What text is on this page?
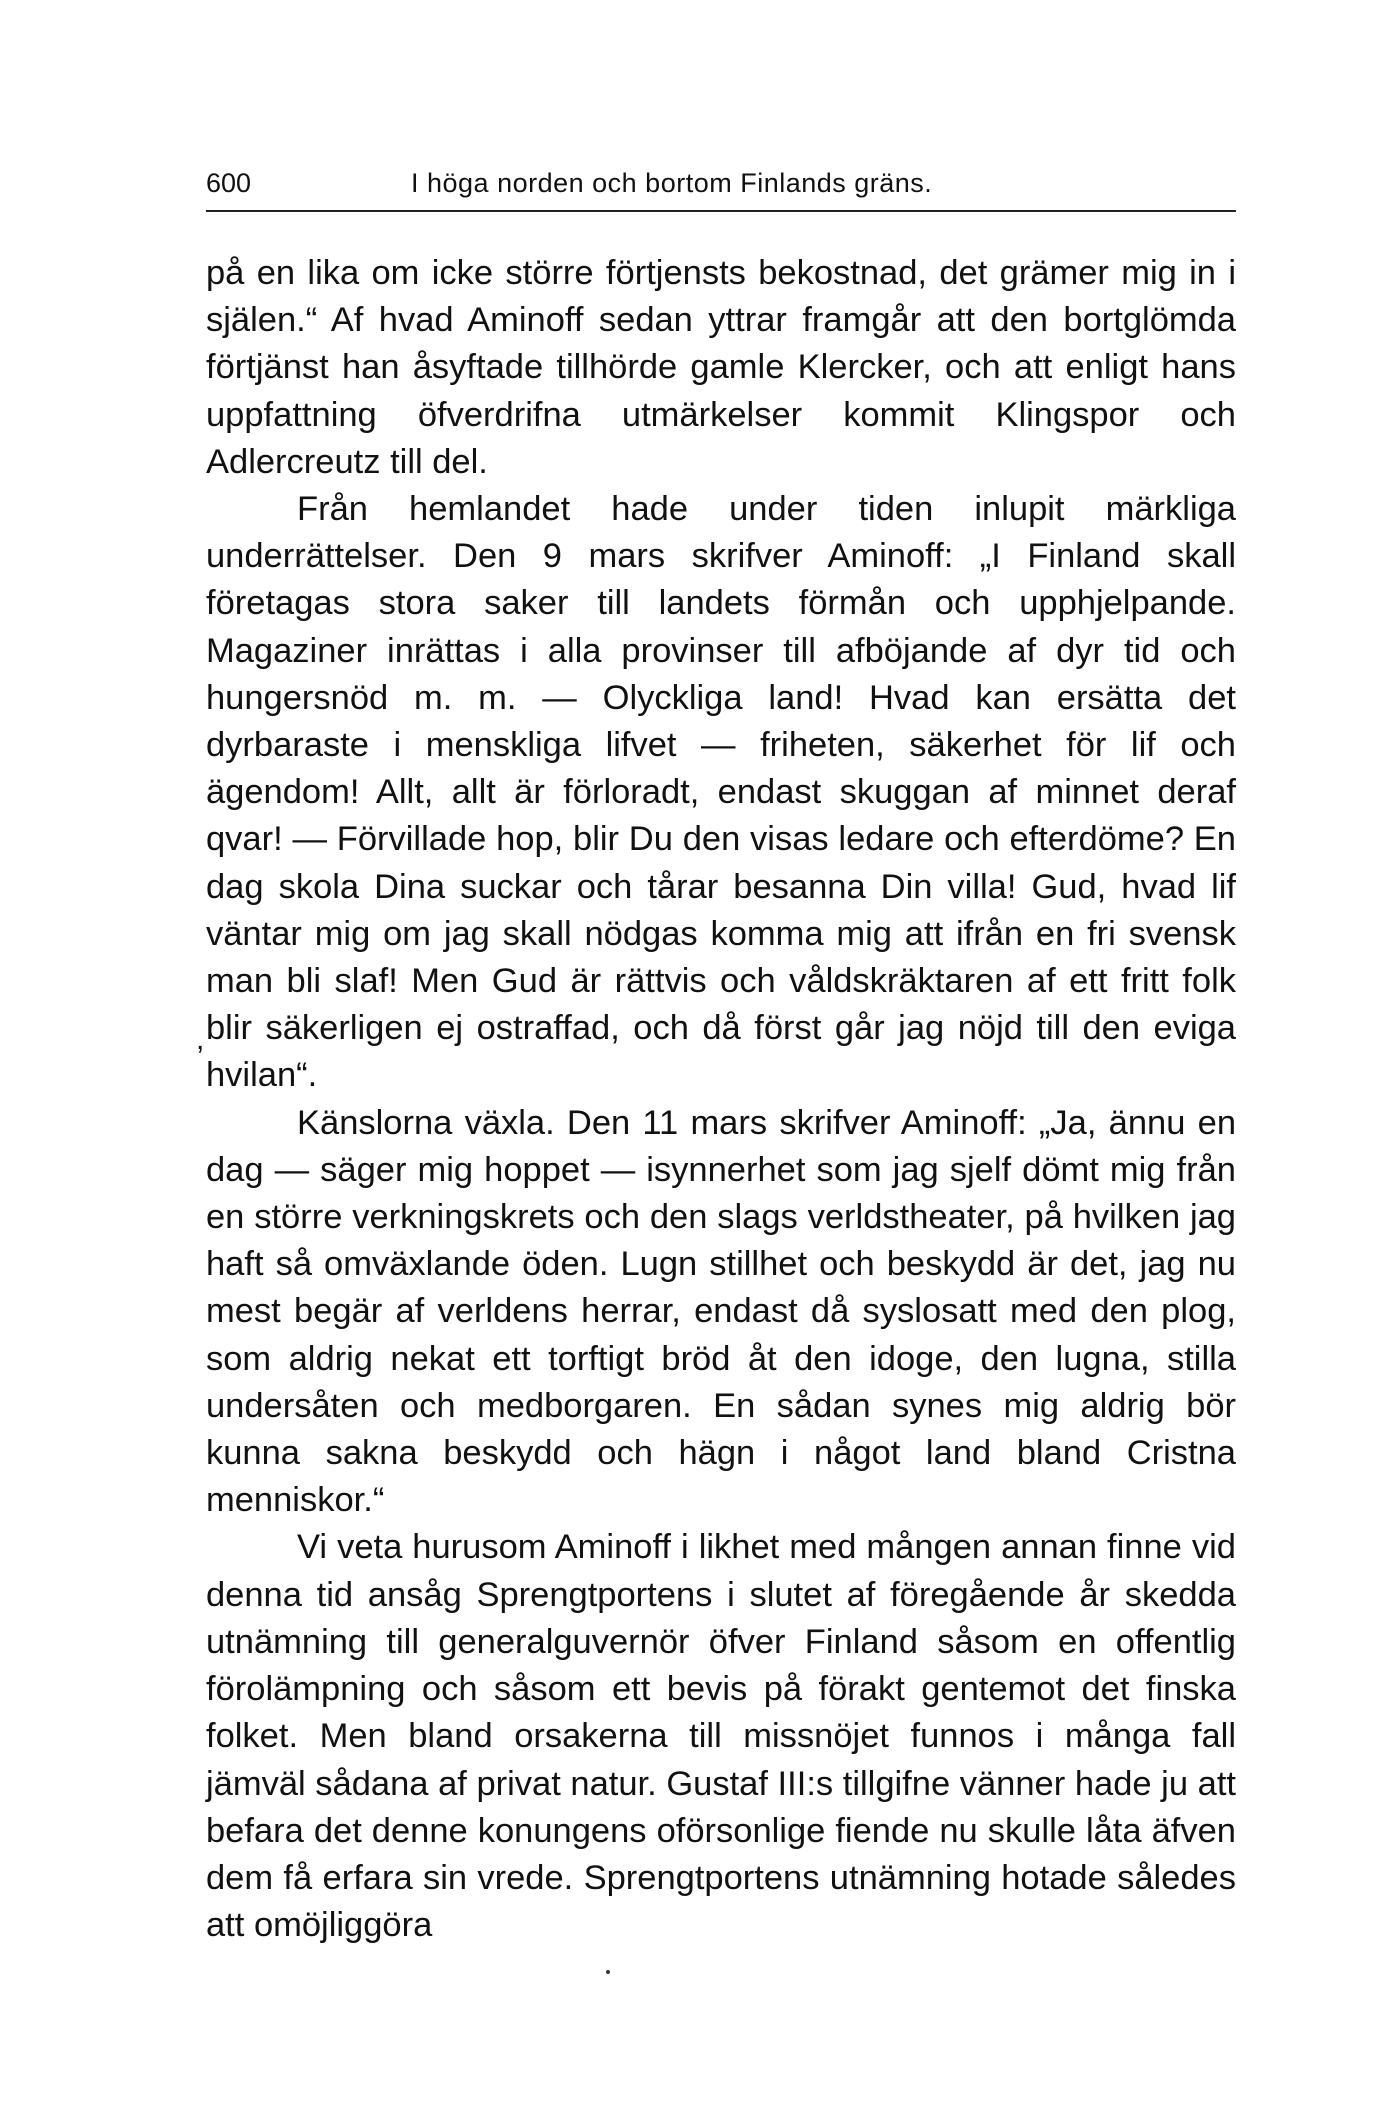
600	I höga norden och bortom Finlands gräns.

på en lika om icke större förtjensts bekostnad, det grämer mig in i själen.“ Af hvad Aminoff sedan yttrar framgår att den bortglömda förtjänst han åsyftade tillhörde gamle Klercker, och att enligt hans uppfattning öfverdrifna utmärkelser kommit Klingspor och Adlercreutz till del.

Från hemlandet hade under tiden inlupit märkliga underrättelser. Den 9 mars skrifver Aminoff: „I Finland skall företagas stora saker till landets förmån och upphjelpande. Magaziner inrättas i alla provinser till afböjande af dyr tid och hungersnöd m. m. — Olyckliga land! Hvad kan ersätta det dyrbaraste i menskliga lifvet — friheten, säkerhet för lif och ägendom! Allt, allt är förloradt, endast skuggan af minnet deraf qvar! — Förvillade hop, blir Du den visas ledare och efterdöme? En dag skola Dina suckar och tårar besanna Din villa! Gud, hvad lif väntar mig om jag skall nödgas komma mig att ifrån en fri svensk man bli slaf! Men Gud är rättvis och våldskräktaren af ett fritt folk blir säkerligen ej ostraffad, och då först går jag nöjd till den eviga hvilan“.

Känslorna växla. Den 11 mars skrifver Aminoff: „Ja, ännu en dag — säger mig hoppet — isynnerhet som jag sjelf dömt mig från en större verkningskrets och den slags verldstheater, på hvilken jag haft så omväxlande öden. Lugn stillhet och beskydd är det, jag nu mest begär af verldens herrar, endast då syslosatt med den plog, som aldrig nekat ett torftigt bröd åt den idoge, den lugna, stilla undersåten och medborgaren. En sådan synes mig aldrig bör kunna sakna beskydd och hägn i något land bland Cristna menniskor.“

Vi veta hurusom Aminoff i likhet med mången annan finne vid denna tid ansåg Sprengtportens i slutet af föregående år skedda utnämning till generalguvernör öfver Finland såsom en offentlig förolämpning och såsom ett bevis på förakt gentemot det finska folket. Men bland orsakerna till missnöjet funnos i många fall jämväl sådana af privat natur. Gustaf III:s tillgifne vänner hade ju att befara det denne konungens oförsonlige fiende nu skulle låta äfven dem få erfara sin vrede. Sprengtportens utnämning hotade således att omöjliggöra

,
